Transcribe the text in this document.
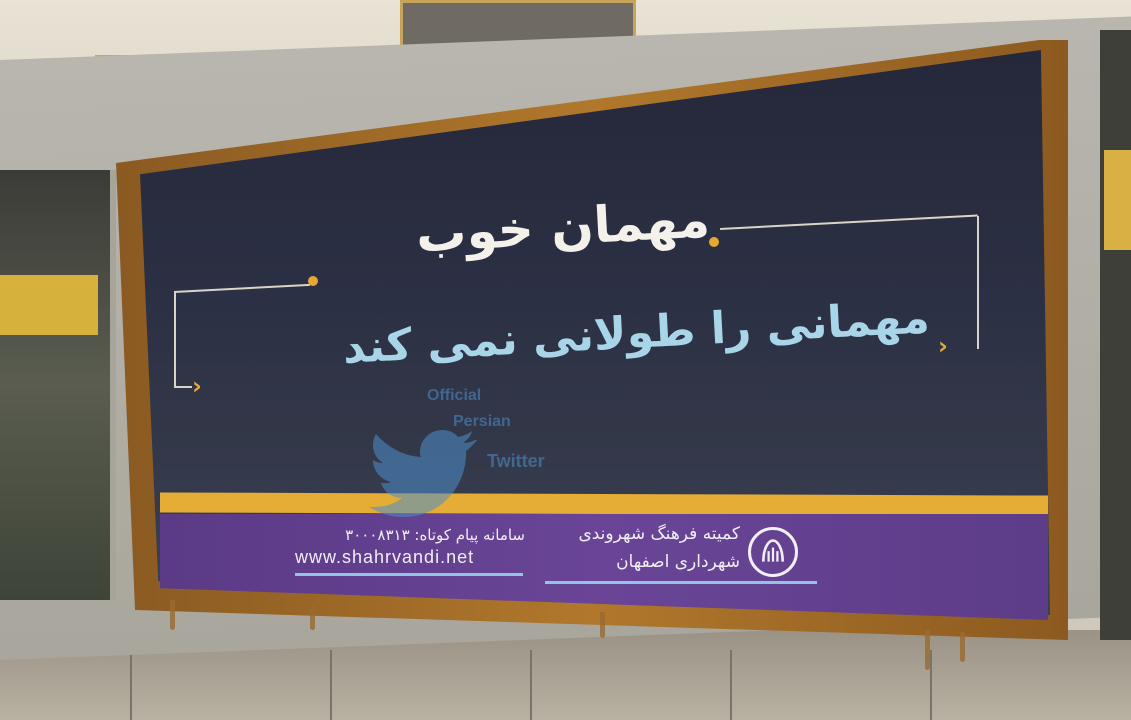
›
›
مهمان خوب
مهمانی را طولانی نمی کند
Official
Persian
Twitter
سامانه پیام کوتاه: ۳۰۰۰۸۳۱۳
www.shahrvandi.net
کمیته فرهنگ شهروندی
شهرداری اصفهان
